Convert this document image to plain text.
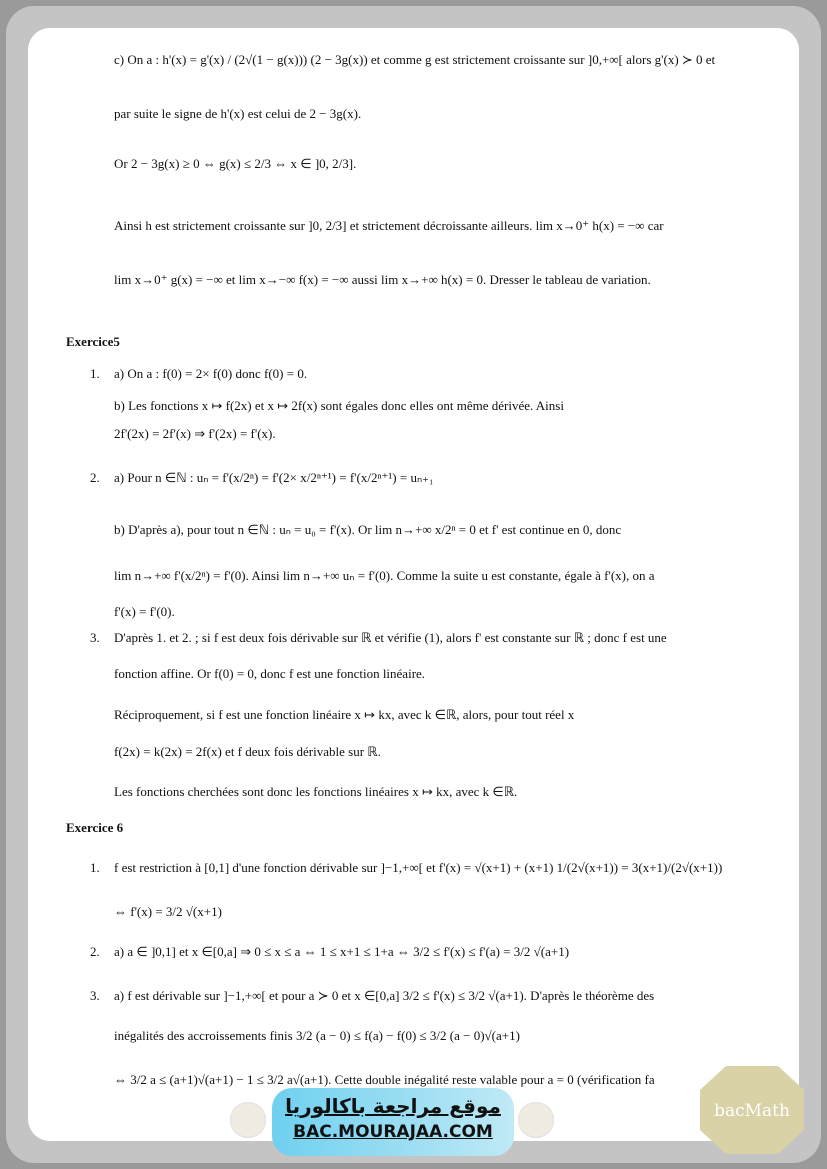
c) On a : h'(x) = g'(x) / (2√(1 − g(x))) (2 − 3g(x)) et comme g est strictement croissante sur ]0,+∞[ alors g'(x) ≻ 0 et
par suite le signe de h'(x) est celui de 2 − 3g(x).
Or 2 − 3g(x) ≥ 0 ⇔ g(x) ≤ 2/3 ⇔ x ∈ ]0, 2/3].
Ainsi h est strictement croissante sur ]0, 2/3] et strictement décroissante ailleurs. lim x→0⁺ h(x) = −∞ car
lim x→0⁺ g(x) = −∞ et lim x→−∞ f(x) = −∞ aussi lim x→+∞ h(x) = 0. Dresser le tableau de variation.
Exercice5
1. a) On a : f(0) = 2× f(0) donc f(0) = 0.
b) Les fonctions x ↦ f(2x) et x ↦ 2f(x) sont égales donc elles ont même dérivée. Ainsi
2f'(2x) = 2f'(x) ⇒ f'(2x) = f'(x).
2. a) Pour n ∈ℕ : uₙ = f'(x/2ⁿ) = f'(2× x/2ⁿ⁺¹) = f'(x/2ⁿ⁺¹) = uₙ₊₁
b) D'après a), pour tout n ∈ℕ : uₙ = u₀ = f'(x). Or lim n→+∞ x/2ⁿ = 0 et f' est continue en 0, donc
lim n→+∞ f'(x/2ⁿ) = f'(0). Ainsi lim n→+∞ uₙ = f'(0). Comme la suite u est constante, égale à f'(x), on a
f'(x) = f'(0).
3. D'après 1. et 2. ; si f est deux fois dérivable sur ℝ et vérifie (1), alors f' est constante sur ℝ ; donc f est une
fonction affine. Or f(0) = 0, donc f est une fonction linéaire.
Réciproquement, si f est une fonction linéaire x ↦ kx, avec k ∈ℝ, alors, pour tout réel x
f(2x) = k(2x) = 2f(x) et f deux fois dérivable sur ℝ.
Les fonctions cherchées sont donc les fonctions linéaires x ↦ kx, avec k ∈ℝ.
Exercice 6
1. f est restriction à [0,1] d'une fonction dérivable sur ]−1,+∞[ et f'(x) = √(x+1) + (x+1) 1/(2√(x+1)) = 3(x+1)/(2√(x+1))
⇔ f'(x) = 3/2 √(x+1)
2. a) a ∈ ]0,1] et x ∈[0,a] ⇒ 0 ≤ x ≤ a ⇔ 1 ≤ x+1 ≤ 1+a ⇔ 3/2 ≤ f'(x) ≤ f'(a) = 3/2 √(a+1)
3. a) f est dérivable sur ]−1,+∞[ et pour a ≻ 0 et x ∈[0,a] 3/2 ≤ f'(x) ≤ 3/2 √(a+1). D'après le théorème des
inégalités des accroissements finis 3/2 (a − 0) ≤ f(a) − f(0) ≤ 3/2 (a − 0)√(a+1)
⇔ 3/2 a ≤ (a+1)√(a+1) − 1 ≤ 3/2 a√(a+1). Cette double inégalité reste valable pour a = 0 (vérification fa
موقع مراجعة باكالوريا
BAC.MOURAJAA.COM
bacMath
